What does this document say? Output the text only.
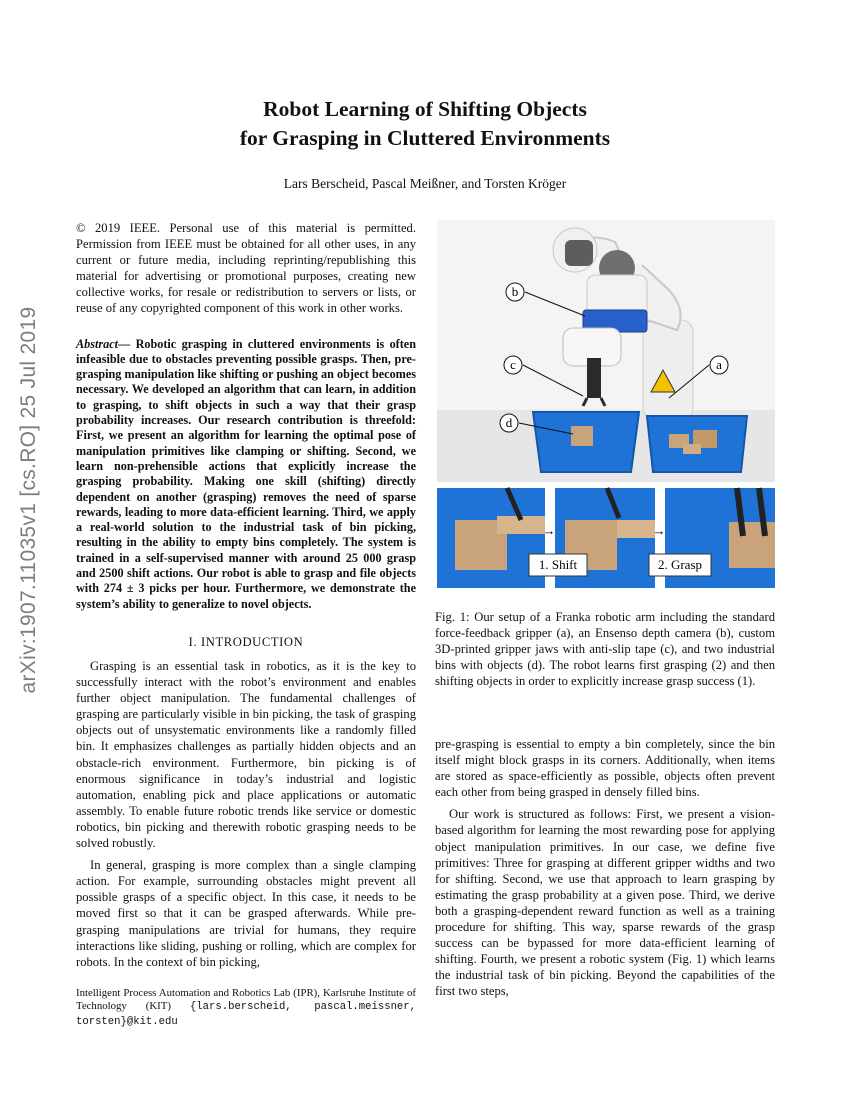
Robot Learning of Shifting Objects
for Grasping in Cluttered Environments
Lars Berscheid, Pascal Meißner, and Torsten Kröger
arXiv:1907.11035v1 [cs.RO] 25 Jul 2019

© 2019 IEEE. Personal use of this material is permitted. Permission from IEEE must be obtained for all other uses, in any current or future media, including reprinting/republishing this material for advertising or promotional purposes, creating new collective works, for resale or redistribution to servers or lists, or reuse of any copyrighted component of this work in other works.

Abstract— Robotic grasping in cluttered environments is often infeasible due to obstacles preventing possible grasps. Then, pre-grasping manipulation like shifting or pushing an object becomes necessary. We developed an algorithm that can learn, in addition to grasping, to shift objects in such a way that their grasp probability increases. Our research contribution is threefold: First, we present an algorithm for learning the optimal pose of manipulation primitives like clamping or shifting. Second, we learn non-prehensible actions that explicitly increase the grasping probability. Making one skill (shifting) directly dependent on another (grasping) removes the need of sparse rewards, leading to more data-efficient learning. Third, we apply a real-world solution to the industrial task of bin picking, resulting in the ability to empty bins completely. The system is trained in a self-supervised manner with around 25 000 grasp and 2500 shift actions. Our robot is able to grasp and file objects with 274 ± 3 picks per hour. Furthermore, we demonstrate the system’s ability to generalize to novel objects.

I. INTRODUCTION

Grasping is an essential task in robotics, as it is the key to successfully interact with the robot’s environment and enables further object manipulation. The fundamental challenges of grasping are particularly visible in bin picking, the task of grasping objects out of unsystematic environments like a randomly filled bin. It emphasizes challenges as partially hidden objects and an obstacle-rich environment. Furthermore, bin picking is of enormous significance in today’s industrial and logistic automation, enabling pick and place applications or automatic assembly. To enable future robotic trends like service or domestic robotics, bin picking and therewith robotic grasping needs to be solved robustly.

In general, grasping is more complex than a single clamping action. For example, surrounding obstacles might prevent all possible grasps of a specific object. In this case, it needs to be moved first so that it can be grasped afterwards. While pre-grasping manipulations are trivial for humans, they require interactions like sliding, pushing or rolling, which are complex for robots. In the context of bin picking,

Intelligent Process Automation and Robotics Lab (IPR), Karlsruhe Institute of Technology (KIT) {lars.berscheid, pascal.meissner, torsten}@kit.edu
b
c	a
d
→	→
1. Shift	2. Grasp

Fig. 1: Our setup of a Franka robotic arm including the standard force-feedback gripper (a), an Ensenso depth camera (b), custom 3D-printed gripper jaws with anti-slip tape (c), and two industrial bins with objects (d). The robot learns first grasping (2) and then shifting objects in order to explicitly increase grasp success (1).

pre-grasping is essential to empty a bin completely, since the bin itself might block grasps in its corners. Additionally, when items are stored as space-efficiently as possible, objects often prevent each other from being grasped in densely filled bins.

Our work is structured as follows: First, we present a vision-based algorithm for learning the most rewarding pose for applying object manipulation primitives. In our case, we define five primitives: Three for grasping at different gripper widths and two for shifting. Second, we use that approach to learn grasping by estimating the grasp probability at a given pose. Third, we derive both a grasping-dependent reward function as well as a training procedure for shifting. This way, sparse rewards of the grasp success can be bypassed for more data-efficient learning of shifting. Fourth, we present a robotic system (Fig. 1) which learns the industrial task of bin picking. Beyond the capabilities of the first two steps,
